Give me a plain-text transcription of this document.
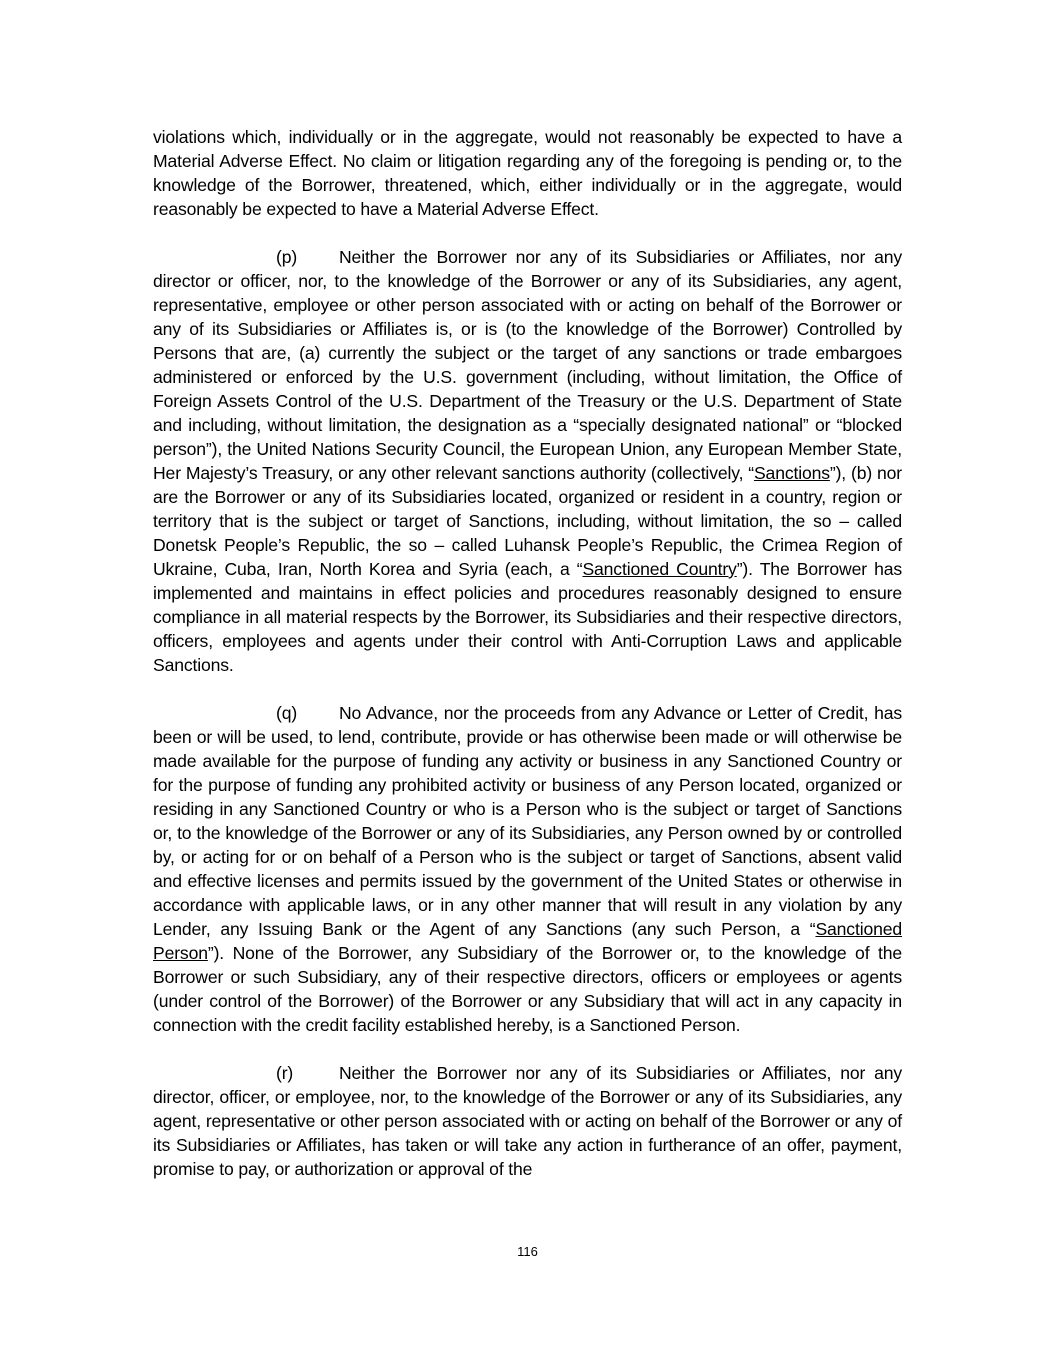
violations which, individually or in the aggregate, would not reasonably be expected to have a Material Adverse Effect. No claim or litigation regarding any of the foregoing is pending or, to the knowledge of the Borrower, threatened, which, either individually or in the aggregate, would reasonably be expected to have a Material Adverse Effect.

(p) Neither the Borrower nor any of its Subsidiaries or Affiliates, nor any director or officer, nor, to the knowledge of the Borrower or any of its Subsidiaries, any agent, representative, employee or other person associated with or acting on behalf of the Borrower or any of its Subsidiaries or Affiliates is, or is (to the knowledge of the Borrower) Controlled by Persons that are, (a) currently the subject or the target of any sanctions or trade embargoes administered or enforced by the U.S. government (including, without limitation, the Office of Foreign Assets Control of the U.S. Department of the Treasury or the U.S. Department of State and including, without limitation, the designation as a “specially designated national” or “blocked person”), the United Nations Security Council, the European Union, any European Member State, Her Majesty’s Treasury, or any other relevant sanctions authority (collectively, “Sanctions”), (b) nor are the Borrower or any of its Subsidiaries located, organized or resident in a country, region or territory that is the subject or target of Sanctions, including, without limitation, the so – called Donetsk People’s Republic, the so – called Luhansk People’s Republic, the Crimea Region of Ukraine, Cuba, Iran, North Korea and Syria (each, a “Sanctioned Country”). The Borrower has implemented and maintains in effect policies and procedures reasonably designed to ensure compliance in all material respects by the Borrower, its Subsidiaries and their respective directors, officers, employees and agents under their control with Anti-Corruption Laws and applicable Sanctions.

(q) No Advance, nor the proceeds from any Advance or Letter of Credit, has been or will be used, to lend, contribute, provide or has otherwise been made or will otherwise be made available for the purpose of funding any activity or business in any Sanctioned Country or for the purpose of funding any prohibited activity or business of any Person located, organized or residing in any Sanctioned Country or who is a Person who is the subject or target of Sanctions or, to the knowledge of the Borrower or any of its Subsidiaries, any Person owned by or controlled by, or acting for or on behalf of a Person who is the subject or target of Sanctions, absent valid and effective licenses and permits issued by the government of the United States or otherwise in accordance with applicable laws, or in any other manner that will result in any violation by any Lender, any Issuing Bank or the Agent of any Sanctions (any such Person, a “Sanctioned Person”). None of the Borrower, any Subsidiary of the Borrower or, to the knowledge of the Borrower or such Subsidiary, any of their respective directors, officers or employees or agents (under control of the Borrower) of the Borrower or any Subsidiary that will act in any capacity in connection with the credit facility established hereby, is a Sanctioned Person.

(r)	Neither the Borrower nor any of its Subsidiaries or Affiliates, nor any director, officer, or employee, nor, to the knowledge of the Borrower or any of its Subsidiaries, any agent, representative or other person associated with or acting on behalf of the Borrower or any of its Subsidiaries or Affiliates, has taken or will take any action in furtherance of an offer, payment, promise to pay, or authorization or approval of the

116
